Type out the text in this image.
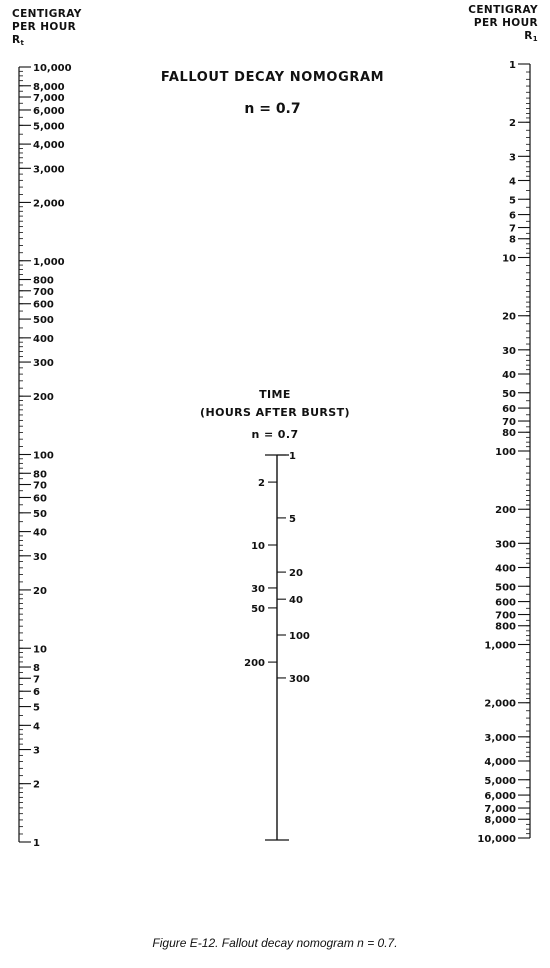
10,000
8,000
7,000
6,000
5,000
4,000
3,000
2,000
1,000
800
700
600
500
400
300
200
100
80
70
60
50
40
30
20
10
8
7
6
5
4
3
2
1
1
2
3
4
5
6
7
8
10
20
30
40
50
60
70
80
100
200
300
400
500
600
700
800
1,000
2,000
3,000
4,000
5,000
6,000
7,000
8,000
10,000
2
10
30
50
200
1
5
20
40
100
300
CENTIGRAY
PER HOUR
$R_t$
CENTIGRAY
PER HOUR
$R_1$
FALLOUT DECAY NOMOGRAM
n = 0.7
TIME
(HOURS AFTER BURST)
n = 0.7
Figure E-12. Fallout decay nomogram n = 0.7.
